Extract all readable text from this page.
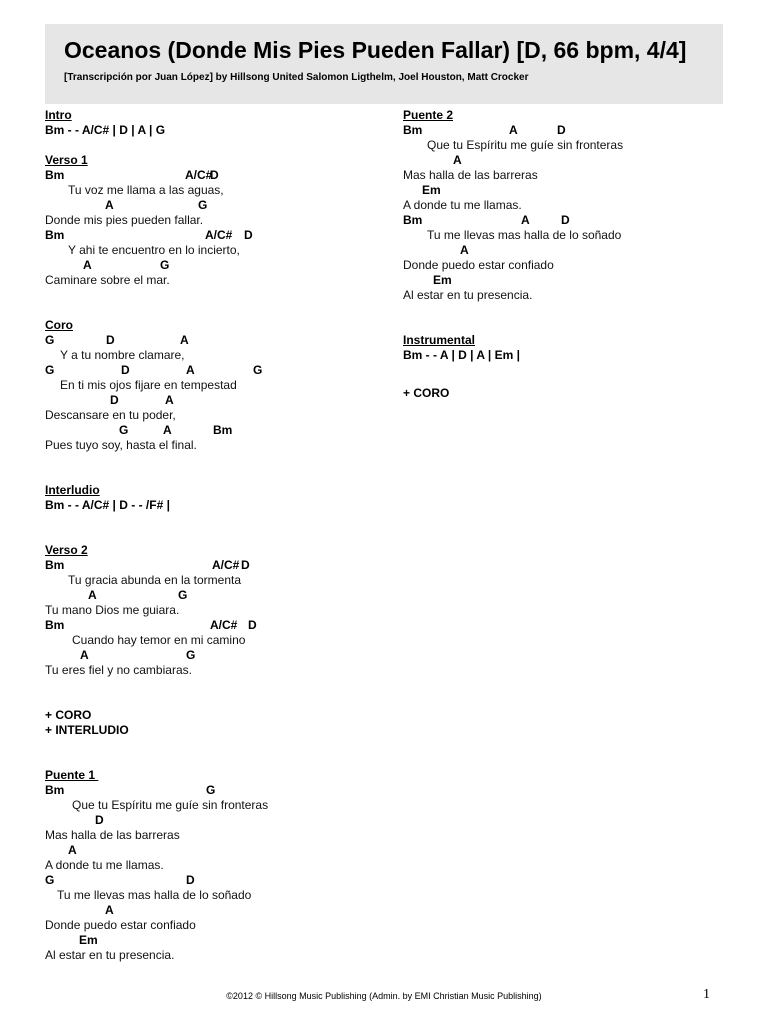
Oceanos (Donde Mis Pies Pueden Fallar) [D, 66 bpm, 4/4]
[Transcripción por Juan López] by Hillsong United Salomon Ligthelm, Joel Houston, Matt Crocker
Intro
Bm - - A/C# | D | A | G
Verso 1
Bm	A/C#
D
Tu voz me llama a las aguas,
A	G
Donde mis pies pueden fallar.
Bm	A/C# D
Y ahi te encuentro en lo incierto,
A	G
Caminare sobre el mar.
Coro
G	D	A
Y a tu nombre clamare,
G	D	A	G
En ti mis ojos fijare en tempestad
D	A
Descansare en tu poder,
G	A	Bm
Pues tuyo soy, hasta el final.
Interludio
Bm - - A/C# | D - - /F# |
Verso 2
Bm	A/C# D
Tu gracia abunda en la tormenta
A	G
Tu mano Dios me guiara.
Bm	A/C# D
Cuando hay temor en mi camino
A	G
Tu eres fiel y no cambiaras.
+ CORO
+ INTERLUDIO
Puente 1
Bm	G
Que tu Espíritu me guíe sin fronteras
D
Mas halla de las barreras
A
A donde tu me llamas.
G	D
Tu me llevas mas halla de lo soñado
A
Donde puedo estar confiado
Em
Al estar en tu presencia.
Puente 2
Bm	A	D
Que tu Espíritu me guíe sin fronteras
A
Mas halla de las barreras
Em
A donde tu me llamas.
Bm	A	D
Tu me llevas mas halla de lo soñado
A
Donde puedo estar confiado
Em
Al estar en tu presencia.
Instrumental
Bm - - A | D | A | Em |
+ CORO
©2012 © Hillsong Music Publishing (Admin. by EMI Christian Music Publishing)	1
